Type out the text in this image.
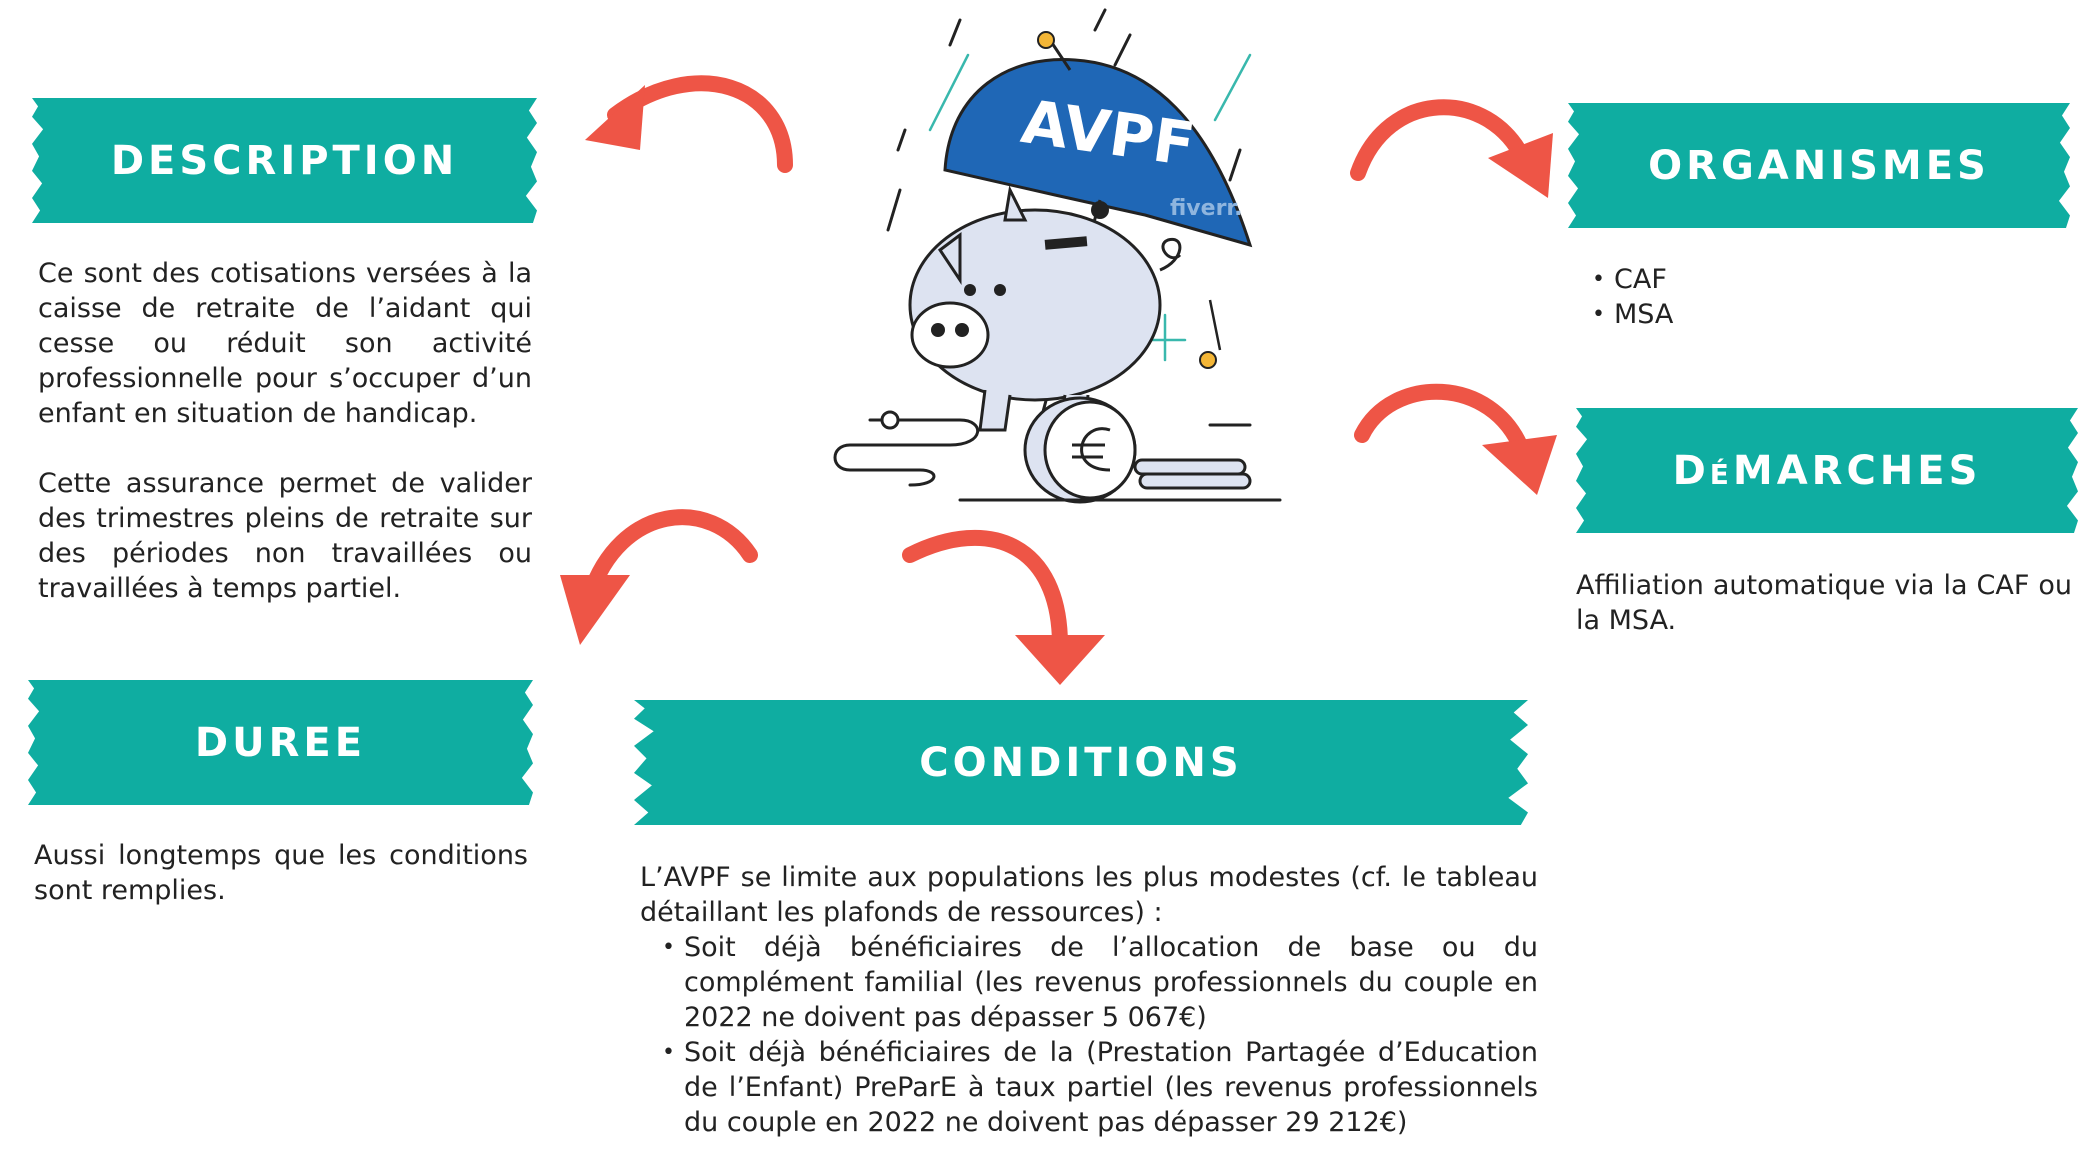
DESCRIPTION

Ce sont des cotisations versées à la caisse de retraite de l’aidant qui cesse ou réduit son activité professionnelle pour s’occuper d’un enfant en situation de handicap.

Cette assurance permet de valider des trimestres pleins de retraite sur des périodes non travaillées ou travaillées à temps partiel.

DUREE
Aussi longtemps que les conditions sont remplies.
CONDITIONS

L’AVPF se limite aux populations les plus modestes (cf. le tableau détaillant les plafonds de ressources) :

• Soit déjà bénéficiaires de l’allocation de base ou du complément familial (les revenus professionnels du couple en 2022 ne doivent pas dépasser 5 067€)
• Soit déjà bénéficiaires de la (Prestation Partagée d’Education de l’Enfant) PreParE à taux partiel (les revenus professionnels du couple en 2022 ne doivent pas dépasser 29 212€)
ORGANISMES
• CAF
• MSA
DéMARCHES
Affiliation automatique via la CAF ou la MSA.
AVPF
fiverr.
